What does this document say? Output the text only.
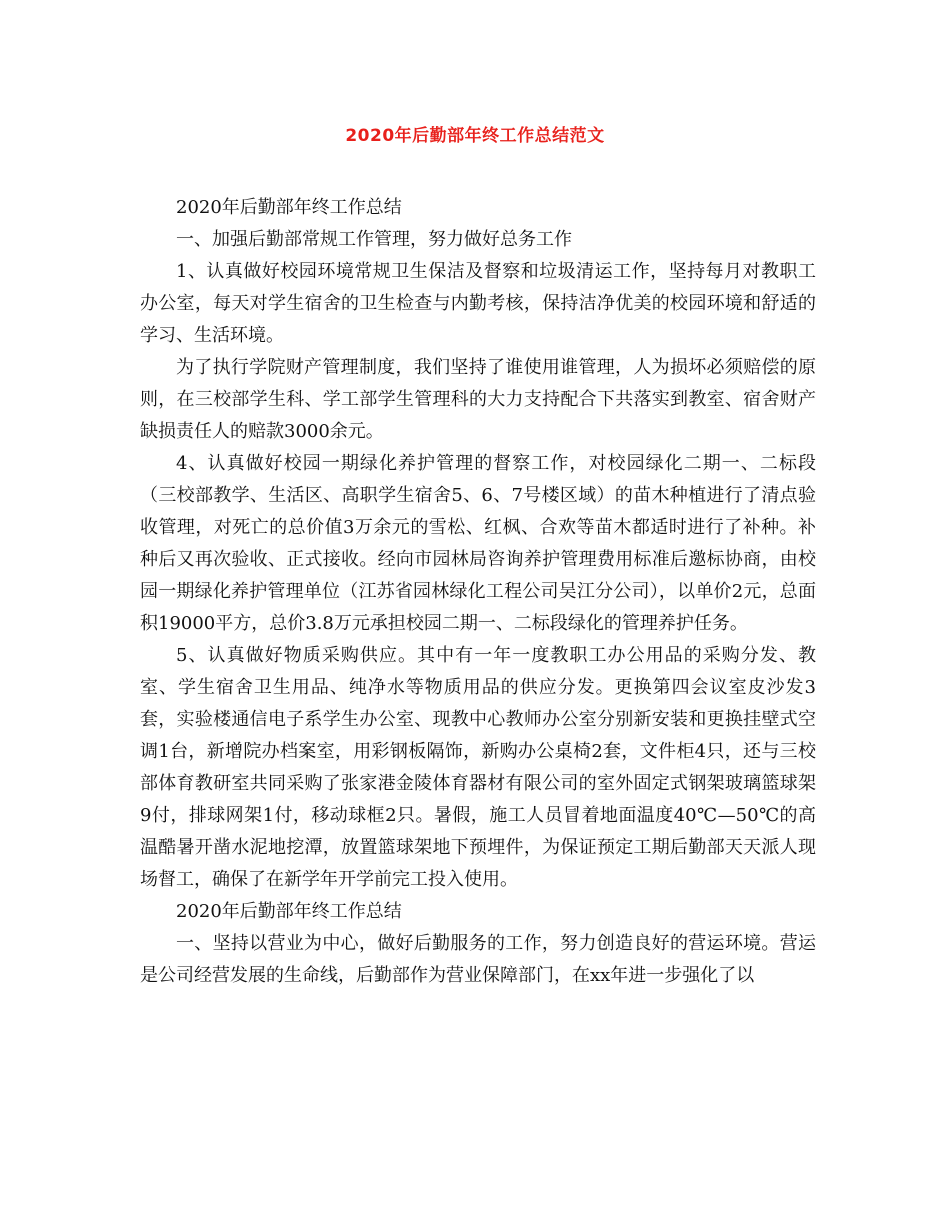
2020年后勤部年终工作总结范文

2020年后勤部年终工作总结

一、加强后勤部常规工作管理，努力做好总务工作

1、认真做好校园环境常规卫生保洁及督察和垃圾清运工作，坚持每月对教职工办公室，每天对学生宿舍的卫生检查与内勤考核，保持洁净优美的校园环境和舒适的学习、生活环境。

为了执行学院财产管理制度，我们坚持了谁使用谁管理，人为损坏必须赔偿的原则，在三校部学生科、学工部学生管理科的大力支持配合下共落实到教室、宿舍财产缺损责任人的赔款3000余元。

4、认真做好校园一期绿化养护管理的督察工作，对校园绿化二期一、二标段（三校部教学、生活区、高职学生宿舍5、6、7号楼区域）的苗木种植进行了清点验收管理，对死亡的总价值3万余元的雪松、红枫、合欢等苗木都适时进行了补种。补种后又再次验收、正式接收。经向市园林局咨询养护管理费用标准后邀标协商，由校园一期绿化养护管理单位（江苏省园林绿化工程公司吴江分公司），以单价2元，总面积19000平方，总价3.8万元承担校园二期一、二标段绿化的管理养护任务。

5、认真做好物质采购供应。其中有一年一度教职工办公用品的采购分发、教室、学生宿舍卫生用品、纯净水等物质用品的供应分发。更换第四会议室皮沙发3套，实验楼通信电子系学生办公室、现教中心教师办公室分别新安装和更换挂壁式空调1台，新增院办档案室，用彩钢板隔饰，新购办公桌椅2套，文件柜4只，还与三校部体育教研室共同采购了张家港金陵体育器材有限公司的室外固定式钢架玻璃篮球架9付，排球网架1付，移动球框2只。暑假，施工人员冒着地面温度40℃—50℃的高温酷暑开凿水泥地挖潭，放置篮球架地下预埋件，为保证预定工期后勤部天天派人现场督工，确保了在新学年开学前完工投入使用。

2020年后勤部年终工作总结

一、坚持以营业为中心，做好后勤服务的工作，努力创造良好的营运环境。营运是公司经营发展的生命线，后勤部作为营业保障部门，在xx年进一步强化了以
